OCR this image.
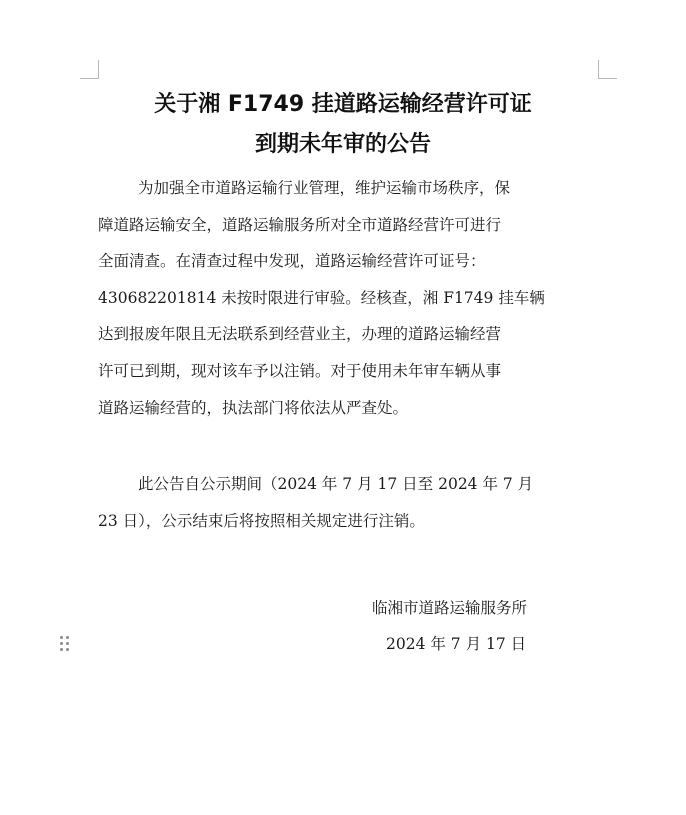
关于湘 F1749 挂道路运输经营许可证
到期未年审的公告
为加强全市道路运输行业管理，维护运输市场秩序，保
障道路运输安全，道路运输服务所对全市道路经营许可进行
全面清查。在清查过程中发现，道路运输经营许可证号：
430682201814 未按时限进行审验。经核查，湘 F1749 挂车辆
达到报废年限且无法联系到经营业主，办理的道路运输经营
许可已到期，现对该车予以注销。对于使用未年审车辆从事
道路运输经营的，执法部门将依法从严查处。
此公告自公示期间（2024 年 7 月 17 日至 2024 年 7 月
23 日），公示结束后将按照相关规定进行注销。
临湘市道路运输服务所
2024 年 7 月 17 日
